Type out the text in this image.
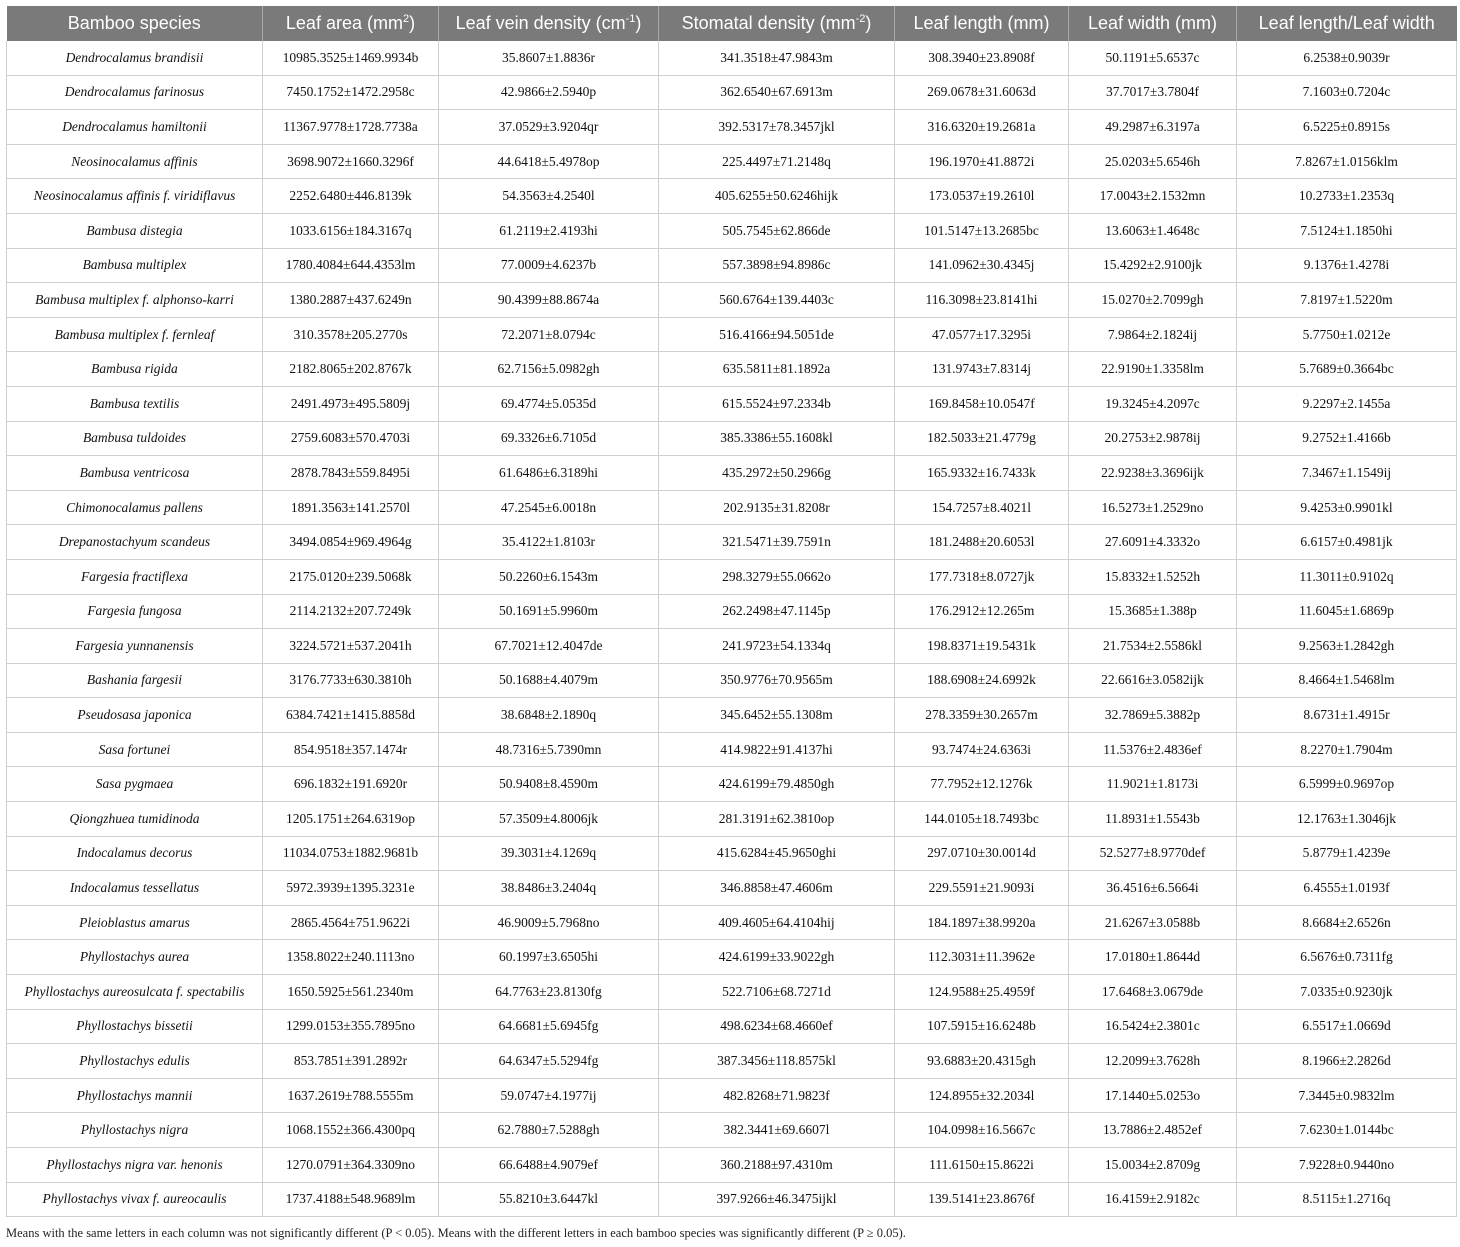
Bamboo species	Leaf area $(mm^2)$	Leaf vein density $(cm^{-1})$	Stomatal density $(mm^{-2})$	Leaf length (mm)	Leaf width (mm)	Leaf length/Leaf width
Dendrocalamus brandisii	10985.3525±1469.9934b	35.8607±1.8836r	341.3518±47.9843m	308.3940±23.8908f	50.1191±5.6537c	6.2538±0.9039r
Dendrocalamus farinosus	7450.1752±1472.2958c	42.9866±2.5940p	362.6540±67.6913m	269.0678±31.6063d	37.7017±3.7804f	7.1603±0.7204c
Dendrocalamus hamiltonii	11367.9778±1728.7738a	37.0529±3.9204qr	392.5317±78.3457jkl	316.6320±19.2681a	49.2987±6.3197a	6.5225±0.8915s
Neosinocalamus affinis	3698.9072±1660.3296f	44.6418±5.4978op	225.4497±71.2148q	196.1970±41.8872i	25.0203±5.6546h	7.8267±1.0156klm
Neosinocalamus affinis f. viridiflavus	2252.6480±446.8139k	54.3563±4.2540l	405.6255±50.6246hijk	173.0537±19.2610l	17.0043±2.1532mn	10.2733±1.2353q
Bambusa distegia	1033.6156±184.3167q	61.2119±2.4193hi	505.7545±62.866de	101.5147±13.2685bc	13.6063±1.4648c	7.5124±1.1850hi
Bambusa multiplex	1780.4084±644.4353lm	77.0009±4.6237b	557.3898±94.8986c	141.0962±30.4345j	15.4292±2.9100jk	9.1376±1.4278i
Bambusa multiplex f. alphonso-karri	1380.2887±437.6249n	90.4399±88.8674a	560.6764±139.4403c	116.3098±23.8141hi	15.0270±2.7099gh	7.8197±1.5220m
Bambusa multiplex f. fernleaf	310.3578±205.2770s	72.2071±8.0794c	516.4166±94.5051de	47.0577±17.3295i	7.9864±2.1824ij	5.7750±1.0212e
Bambusa rigida	2182.8065±202.8767k	62.7156±5.0982gh	635.5811±81.1892a	131.9743±7.8314j	22.9190±1.3358lm	5.7689±0.3664bc
Bambusa textilis	2491.4973±495.5809j	69.4774±5.0535d	615.5524±97.2334b	169.8458±10.0547f	19.3245±4.2097c	9.2297±2.1455a
Bambusa tuldoides	2759.6083±570.4703i	69.3326±6.7105d	385.3386±55.1608kl	182.5033±21.4779g	20.2753±2.9878ij	9.2752±1.4166b
Bambusa ventricosa	2878.7843±559.8495i	61.6486±6.3189hi	435.2972±50.2966g	165.9332±16.7433k	22.9238±3.3696ijk	7.3467±1.1549ij
Chimonocalamus pallens	1891.3563±141.2570l	47.2545±6.0018n	202.9135±31.8208r	154.7257±8.4021l	16.5273±1.2529no	9.4253±0.9901kl
Drepanostachyum scandeus	3494.0854±969.4964g	35.4122±1.8103r	321.5471±39.7591n	181.2488±20.6053l	27.6091±4.3332o	6.6157±0.4981jk
Fargesia fractiflexa	2175.0120±239.5068k	50.2260±6.1543m	298.3279±55.0662o	177.7318±8.0727jk	15.8332±1.5252h	11.3011±0.9102q
Fargesia fungosa	2114.2132±207.7249k	50.1691±5.9960m	262.2498±47.1145p	176.2912±12.265m	15.3685±1.388p	11.6045±1.6869p
Fargesia yunnanensis	3224.5721±537.2041h	67.7021±12.4047de	241.9723±54.1334q	198.8371±19.5431k	21.7534±2.5586kl	9.2563±1.2842gh
Bashania fargesii	3176.7733±630.3810h	50.1688±4.4079m	350.9776±70.9565m	188.6908±24.6992k	22.6616±3.0582ijk	8.4664±1.5468lm
Pseudosasa japonica	6384.7421±1415.8858d	38.6848±2.1890q	345.6452±55.1308m	278.3359±30.2657m	32.7869±5.3882p	8.6731±1.4915r
Sasa fortunei	854.9518±357.1474r	48.7316±5.7390mn	414.9822±91.4137hi	93.7474±24.6363i	11.5376±2.4836ef	8.2270±1.7904m
Sasa pygmaea	696.1832±191.6920r	50.9408±8.4590m	424.6199±79.4850gh	77.7952±12.1276k	11.9021±1.8173i	6.5999±0.9697op
Qiongzhuea tumidinoda	1205.1751±264.6319op	57.3509±4.8006jk	281.3191±62.3810op	144.0105±18.7493bc	11.8931±1.5543b	12.1763±1.3046jk
Indocalamus decorus	11034.0753±1882.9681b	39.3031±4.1269q	415.6284±45.9650ghi	297.0710±30.0014d	52.5277±8.9770def	5.8779±1.4239e
Indocalamus tessellatus	5972.3939±1395.3231e	38.8486±3.2404q	346.8858±47.4606m	229.5591±21.9093i	36.4516±6.5664i	6.4555±1.0193f
Pleioblastus amarus	2865.4564±751.9622i	46.9009±5.7968no	409.4605±64.4104hij	184.1897±38.9920a	21.6267±3.0588b	8.6684±2.6526n
Phyllostachys aurea	1358.8022±240.1113no	60.1997±3.6505hi	424.6199±33.9022gh	112.3031±11.3962e	17.0180±1.8644d	6.5676±0.7311fg
Phyllostachys aureosulcata f. spectabilis	1650.5925±561.2340m	64.7763±23.8130fg	522.7106±68.7271d	124.9588±25.4959f	17.6468±3.0679de	7.0335±0.9230jk
Phyllostachys bissetii	1299.0153±355.7895no	64.6681±5.6945fg	498.6234±68.4660ef	107.5915±16.6248b	16.5424±2.3801c	6.5517±1.0669d
Phyllostachys edulis	853.7851±391.2892r	64.6347±5.5294fg	387.3456±118.8575kl	93.6883±20.4315gh	12.2099±3.7628h	8.1966±2.2826d
Phyllostachys mannii	1637.2619±788.5555m	59.0747±4.1977ij	482.8268±71.9823f	124.8955±32.2034l	17.1440±5.0253o	7.3445±0.9832lm
Phyllostachys nigra	1068.1552±366.4300pq	62.7880±7.5288gh	382.3441±69.6607l	104.0998±16.5667c	13.7886±2.4852ef	7.6230±1.0144bc
Phyllostachys nigra var. henonis	1270.0791±364.3309no	66.6488±4.9079ef	360.2188±97.4310m	111.6150±15.8622i	15.0034±2.8709g	7.9228±0.9440no
Phyllostachys vivax f. aureocaulis	1737.4188±548.9689lm	55.8210±3.6447kl	397.9266±46.3475ijkl	139.5141±23.8676f	16.4159±2.9182c	8.5115±1.2716q
Means with the same letters in each column was not significantly different (P < 0.05). Means with the different letters in each bamboo species was significantly different (P ≥ 0.05).
